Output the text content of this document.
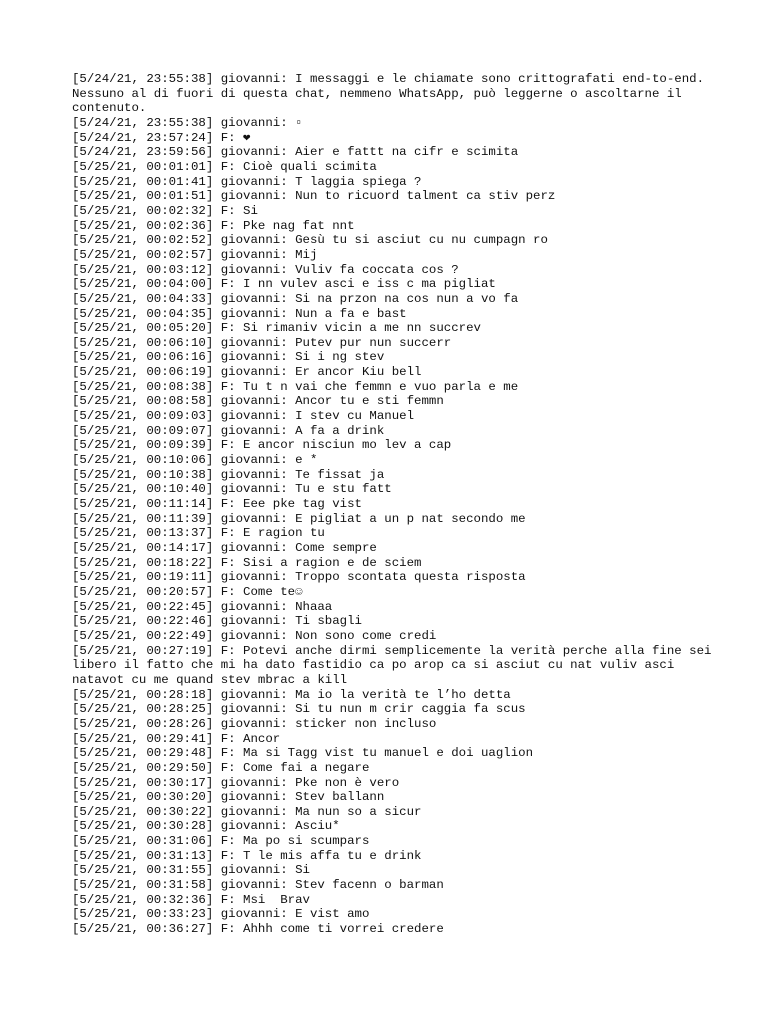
[5/24/21, 23:55:38] giovanni: I messaggi e le chiamate sono crittografati end-to-end. Nessuno al di fuori di questa chat, nemmeno WhatsApp, può leggerne o ascoltarne il contenuto.
[5/24/21, 23:55:38] giovanni: ▫
[5/24/21, 23:57:24] F: ❤
[5/24/21, 23:59:56] giovanni: Aier e fattt na cifr e scimita
[5/25/21, 00:01:01] F: Cioè quali scimita
[5/25/21, 00:01:41] giovanni: T laggia spiega ?
[5/25/21, 00:01:51] giovanni: Nun to ricuord talment ca stiv perz
[5/25/21, 00:02:32] F: Si
[5/25/21, 00:02:36] F: Pke nag fat nnt
[5/25/21, 00:02:52] giovanni: Gesù tu si asciut cu nu cumpagn ro
[5/25/21, 00:02:57] giovanni: Mij
[5/25/21, 00:03:12] giovanni: Vuliv fa coccata cos ?
[5/25/21, 00:04:00] F: I nn vulev asci e iss c ma pigliat
[5/25/21, 00:04:33] giovanni: Si na przon na cos nun a vo fa
[5/25/21, 00:04:35] giovanni: Nun a fa e bast
[5/25/21, 00:05:20] F: Si rimaniv vicin a me nn succrev
[5/25/21, 00:06:10] giovanni: Putev pur nun succerr
[5/25/21, 00:06:16] giovanni: Si i ng stev
[5/25/21, 00:06:19] giovanni: Er ancor Kiu bell
[5/25/21, 00:08:38] F: Tu t n vai che femmn e vuo parla e me
[5/25/21, 00:08:58] giovanni: Ancor tu e sti femmn
[5/25/21, 00:09:03] giovanni: I stev cu Manuel
[5/25/21, 00:09:07] giovanni: A fa a drink
[5/25/21, 00:09:39] F: E ancor nisciun mo lev a cap
[5/25/21, 00:10:06] giovanni: e *
[5/25/21, 00:10:38] giovanni: Te fissat ja
[5/25/21, 00:10:40] giovanni: Tu e stu fatt
[5/25/21, 00:11:14] F: Eee pke tag vist
[5/25/21, 00:11:39] giovanni: E pigliat a un p nat secondo me
[5/25/21, 00:13:37] F: E ragion tu
[5/25/21, 00:14:17] giovanni: Come sempre
[5/25/21, 00:18:22] F: Sisi a ragion e de sciem
[5/25/21, 00:19:11] giovanni: Troppo scontata questa risposta
[5/25/21, 00:20:57] F: Come te☺
[5/25/21, 00:22:45] giovanni: Nhaaa
[5/25/21, 00:22:46] giovanni: Ti sbagli
[5/25/21, 00:22:49] giovanni: Non sono come credi
[5/25/21, 00:27:19] F: Potevi anche dirmi semplicemente la verità perche alla fine sei libero il fatto che mi ha dato fastidio ca po arop ca si asciut cu nat vuliv asci natavot cu me quand stev mbrac a kill
[5/25/21, 00:28:18] giovanni: Ma io la verità te l’ho detta
[5/25/21, 00:28:25] giovanni: Si tu nun m crir caggia fa scus
[5/25/21, 00:28:26] giovanni: sticker non incluso
[5/25/21, 00:29:41] F: Ancor
[5/25/21, 00:29:48] F: Ma si Tagg vist tu manuel e doi uaglion
[5/25/21, 00:29:50] F: Come fai a negare
[5/25/21, 00:30:17] giovanni: Pke non è vero
[5/25/21, 00:30:20] giovanni: Stev ballann
[5/25/21, 00:30:22] giovanni: Ma nun so a sicur
[5/25/21, 00:30:28] giovanni: Asciu*
[5/25/21, 00:31:06] F: Ma po si scumpars
[5/25/21, 00:31:13] F: T le mis affa tu e drink
[5/25/21, 00:31:55] giovanni: Si
[5/25/21, 00:31:58] giovanni: Stev facenn o barman
[5/25/21, 00:32:36] F: Msi  Brav
[5/25/21, 00:33:23] giovanni: E vist amo
[5/25/21, 00:36:27] F: Ahhh come ti vorrei credere
